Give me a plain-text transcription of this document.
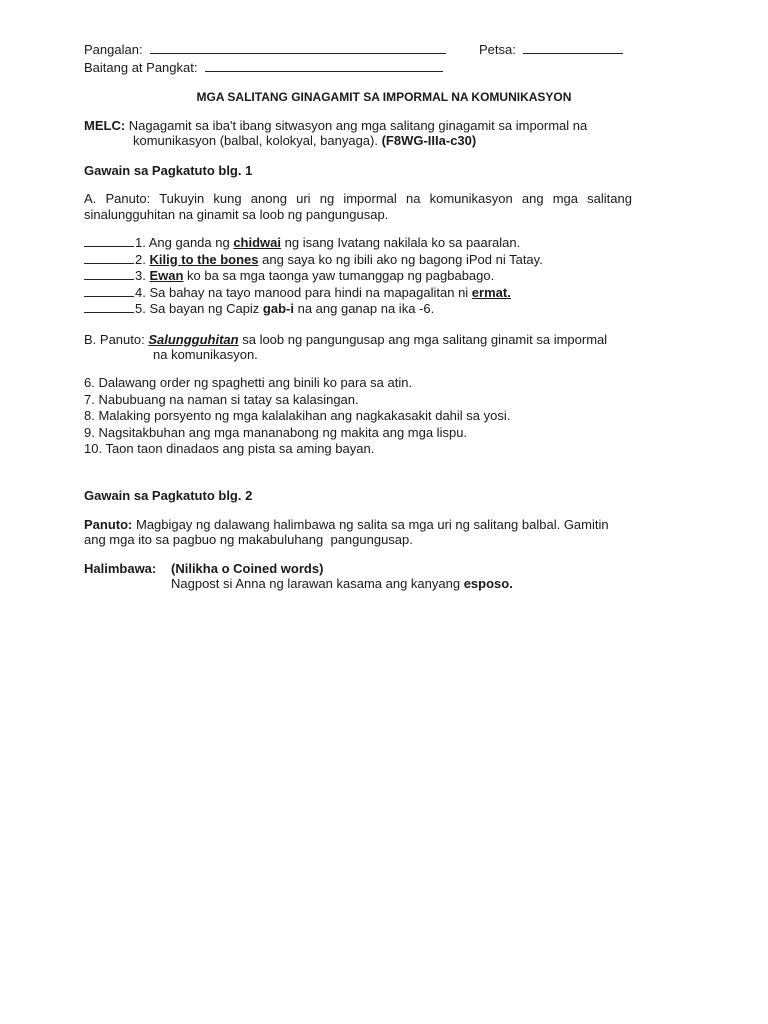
Pangalan:	Petsa:
Baitang at Pangkat:
MGA SALITANG GINAGAMIT SA IMPORMAL NA KOMUNIKASYON
MELC: Nagagamit sa iba't ibang sitwasyon ang mga salitang ginagamit sa impormal na
komunikasyon (balbal, kolokyal, banyaga). (F8WG-IIIa-c30)
Gawain sa Pagkatuto blg. 1
A. Panuto: Tukuyin kung anong uri ng impormal na komunikasyon ang mga salitang
sinalungguhitan na ginamit sa loob ng pangungusap.
1. Ang ganda ng chidwai ng isang Ivatang nakilala ko sa paaralan.
2. Kilig to the bones ang saya ko ng ibili ako ng bagong iPod ni Tatay.
3. Ewan ko ba sa mga taonga yaw tumanggap ng pagbabago.
4. Sa bahay na tayo manood para hindi na mapagalitan ni ermat.
5. Sa bayan ng Capiz gab-i na ang ganap na ika -6.
B. Panuto: Salungguhitan sa loob ng pangungusap ang mga salitang ginamit sa impormal
na komunikasyon.
6. Dalawang order ng spaghetti ang binili ko para sa atin.
7. Nabubuang na naman si tatay sa kalasingan.
8. Malaking porsyento ng mga kalalakihan ang nagkakasakit dahil sa yosi.
9. Nagsitakbuhan ang mga mananabong ng makita ang mga lispu.
10. Taon taon dinadaos ang pista sa aming bayan.
Gawain sa Pagkatuto blg. 2
Panuto: Magbigay ng dalawang halimbawa ng salita sa mga uri ng salitang balbal. Gamitin
ang mga ito sa pagbuo ng makabuluhang  pangungusap.
Halimbawa: (Nilikha o Coined words)
Nagpost si Anna ng larawan kasama ang kanyang esposo.
